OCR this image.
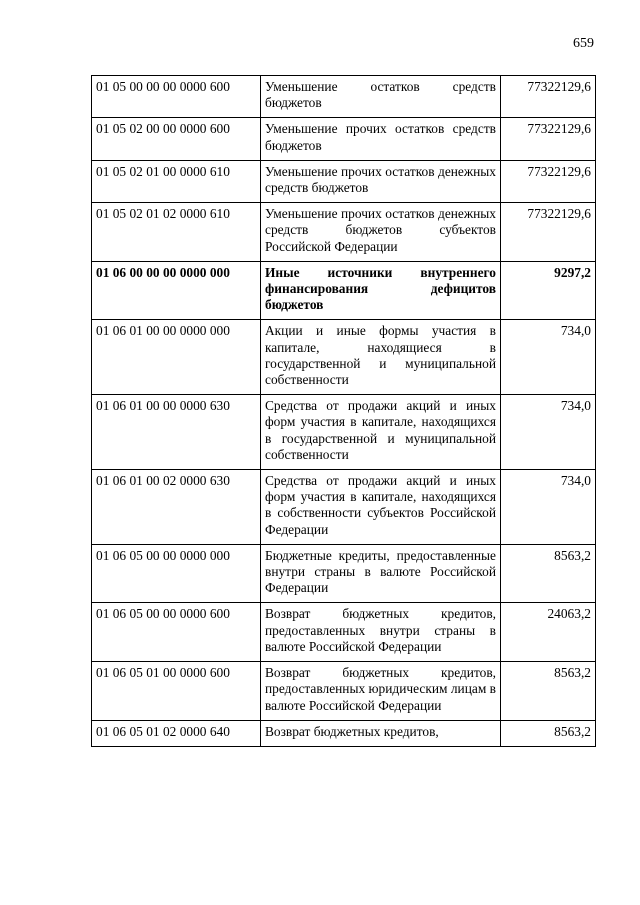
659
01 05 00 00 00 0000 600	Уменьшение остатков средств бюджетов	77322129,6
01 05 02 00 00 0000 600	Уменьшение прочих остатков средств бюджетов	77322129,6
01 05 02 01 00 0000 610	Уменьшение прочих остатков денежных средств бюджетов	77322129,6
01 05 02 01 02 0000 610	Уменьшение прочих остатков денежных средств бюджетов субъектов Российской Федерации	77322129,6
01 06 00 00 00 0000 000	Иные источники внутреннего финансирования дефицитов бюджетов	9297,2
01 06 01 00 00 0000 000	Акции и иные формы участия в капитале, находящиеся в государственной и муниципальной собственности	734,0
01 06 01 00 00 0000 630	Средства от продажи акций и иных форм участия в капитале, находящихся в государственной и муниципальной собственности	734,0
01 06 01 00 02 0000 630	Средства от продажи акций и иных форм участия в капитале, находящихся в собственности субъектов Российской Федерации	734,0
01 06 05 00 00 0000 000	Бюджетные кредиты, предоставленные внутри страны в валюте Российской Федерации	8563,2
01 06 05 00 00 0000 600	Возврат бюджетных кредитов, предоставленных внутри страны в валюте Российской Федерации	24063,2
01 06 05 01 00 0000 600	Возврат бюджетных кредитов, предоставленных юридическим лицам в валюте Российской Федерации	8563,2
01 06 05 01 02 0000 640	Возврат бюджетных кредитов,	8563,2
